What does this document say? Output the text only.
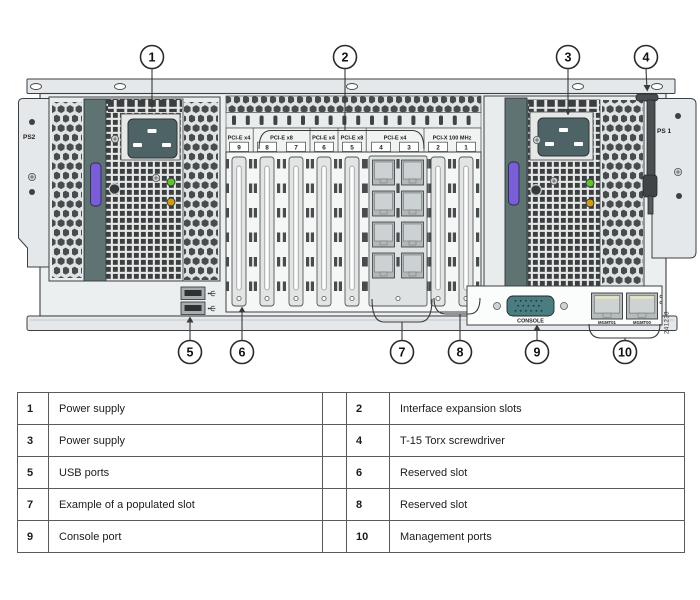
PS2	PCI-E x4	PCI-E x8	PCI-E x4 PCI-E x8	PCI-E x4	PCI-X 100 MHz
9	8	7	6	5	4	3	2	1
PS 1
CONSOLE	MGMT01	MGMT00 241238
1	2	3	4
5	6	7	8	9	10
1	Power supply		2	Interface expansion slots
3	Power supply		4	T-15 Torx screwdriver
5	USB ports		6	Reserved slot
7	Example of a populated slot		8	Reserved slot
9	Console port		10	Management ports
